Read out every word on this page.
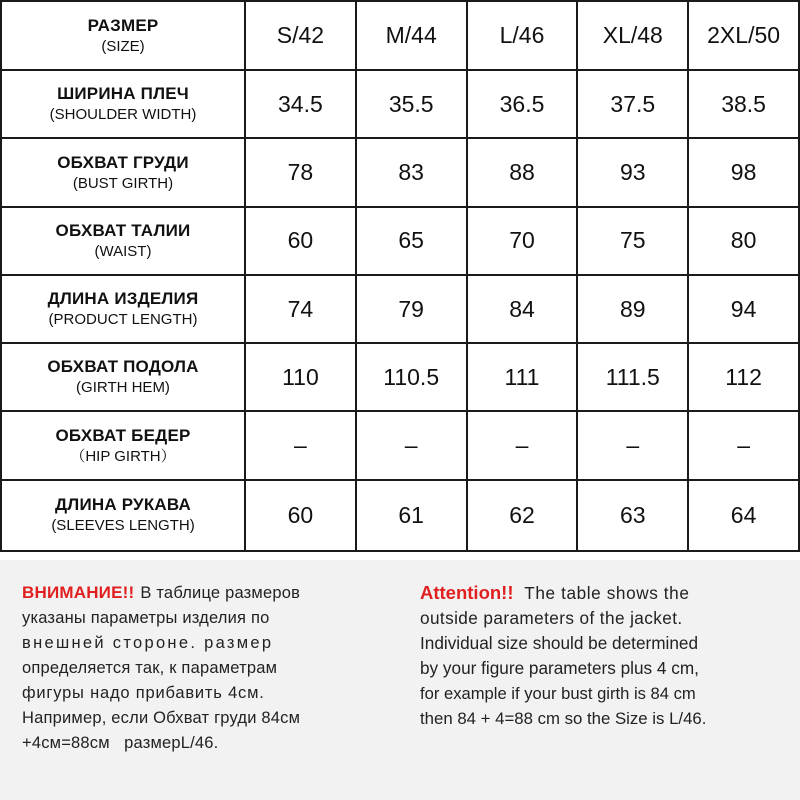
РАЗМЕР
(SIZE)	S/42	M/44	L/46	XL/48	2XL/50

ШИРИНА ПЛЕЧ
(SHOULDER WIDTH)	34.5	35.5	36.5	37.5	38.5

ОБХВАТ ГРУДИ
(BUST GIRTH)	78	83	88	93	98

ОБХВАТ ТАЛИИ
(WAIST)	60	65	70	75	80

ДЛИНА ИЗДЕЛИЯ
(PRODUCT LENGTH)	74	79	84	89	94

ОБХВАТ ПОДОЛА
(GIRTH HEM)	110	110.5	111	111.5	112

ОБХВАТ БЕДЕР
（HIP GIRTH）	–	–	–	–	–

ДЛИНА РУКАВА
(SLEEVES LENGTH)	60	61	62	63	64
ВНИМАНИЕ!! В таблице размеров
указаны параметры изделия по
внешней стороне. размер
определяется так, к параметрам
фигуры надо прибавить 4см.
Например, если Обхват груди 84см
+4см=88см   размерL/46.
Attention!! The table shows the
outside parameters of the jacket.
Individual size should be determined
by your figure parameters plus 4 cm,
for example if your bust girth is 84 cm
then 84 + 4=88 cm so the Size is L/46.
